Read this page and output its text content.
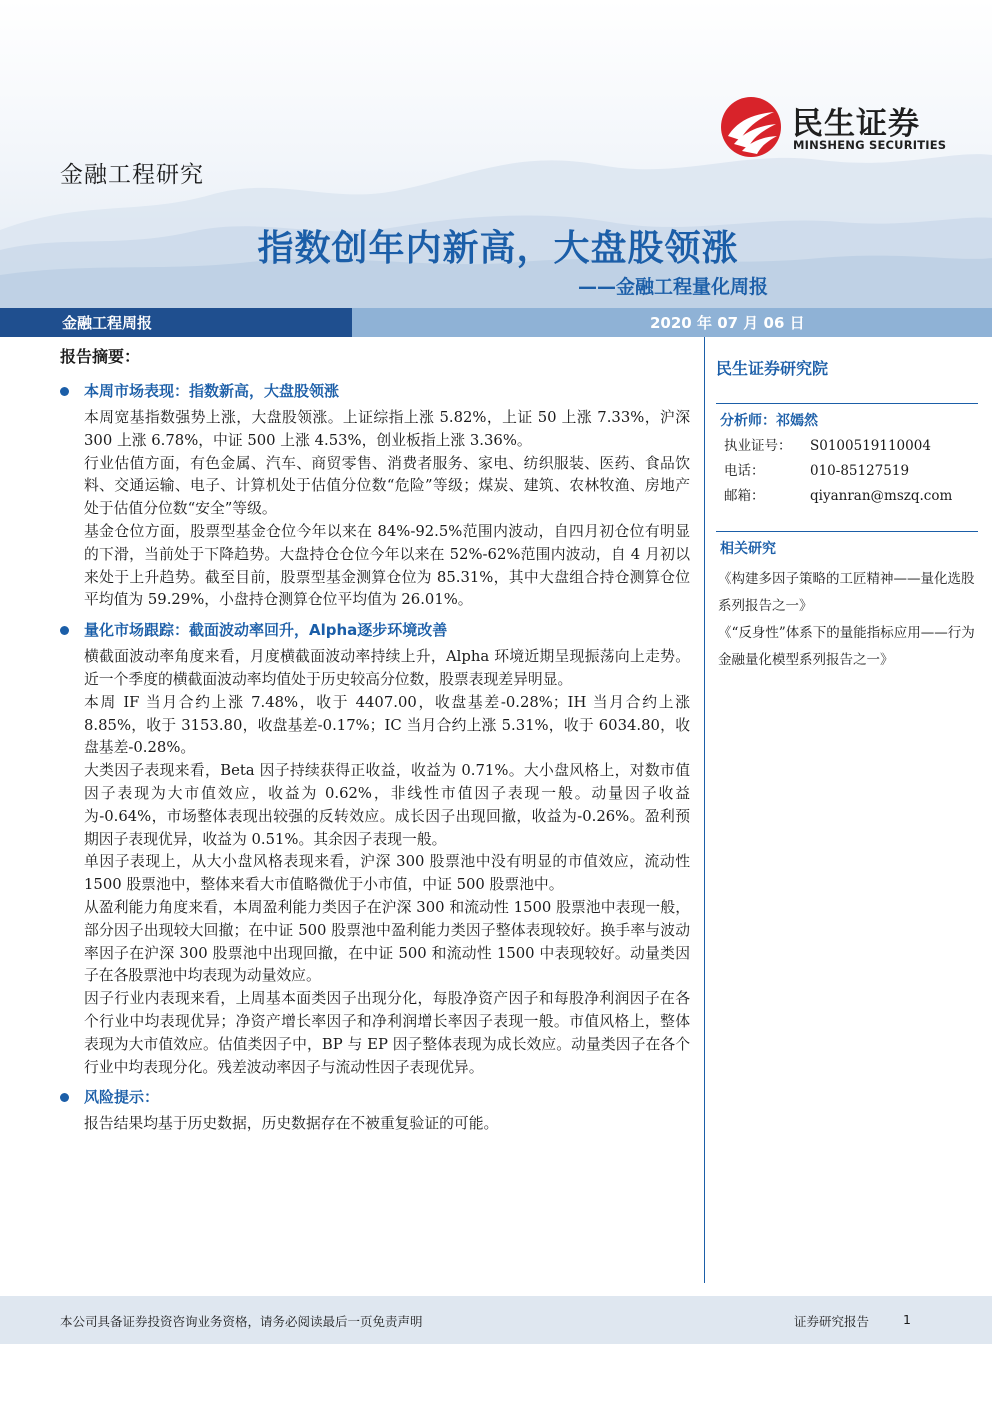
民生证券
MINSHENG SECURITIES
金融工程研究
指数创年内新高，大盘股领涨
——金融工程量化周报
金融工程周报	2020 年 07 月 06 日
报告摘要：
本周市场表现：指数新高，大盘股领涨

本周宽基指数强势上涨，大盘股领涨。上证综指上涨 5.82%，上证 50 上涨 7.33%，沪深 300 上涨 6.78%，中证 500 上涨 4.53%，创业板指上涨 3.36%。

行业估值方面，有色金属、汽车、商贸零售、消费者服务、家电、纺织服装、医药、食品饮料、交通运输、电子、计算机处于估值分位数“危险”等级；煤炭、建筑、农林牧渔、房地产处于估值分位数“安全”等级。

基金仓位方面，股票型基金仓位今年以来在 84%-92.5%范围内波动，自四月初仓位有明显的下滑，当前处于下降趋势。大盘持仓仓位今年以来在 52%-62%范围内波动，自 4 月初以来处于上升趋势。截至目前，股票型基金测算仓位为 85.31%，其中大盘组合持仓测算仓位平均值为 59.29%，小盘持仓测算仓位平均值为 26.01%。

量化市场跟踪：截面波动率回升，Alpha逐步环境改善

横截面波动率角度来看，月度横截面波动率持续上升，Alpha 环境近期呈现振荡向上走势。近一个季度的横截面波动率均值处于历史较高分位数，股票表现差异明显。

本周 IF 当月合约上涨 7.48%，收于 4407.00，收盘基差-0.28%；IH 当月合约上涨 8.85%，收于 3153.80，收盘基差-0.17%；IC 当月合约上涨 5.31%，收于 6034.80，收盘基差-0.28%。

大类因子表现来看，Beta 因子持续获得正收益，收益为 0.71%。大小盘风格上，对数市值因子表现为大市值效应，收益为 0.62%，非线性市值因子表现一般。动量因子收益为-0.64%，市场整体表现出较强的反转效应。成长因子出现回撤，收益为-0.26%。盈利预期因子表现优异，收益为 0.51%。其余因子表现一般。

单因子表现上，从大小盘风格表现来看，沪深 300 股票池中没有明显的市值效应，流动性 1500 股票池中，整体来看大市值略微优于小市值，中证 500 股票池中。

从盈利能力角度来看，本周盈利能力类因子在沪深 300 和流动性 1500 股票池中表现一般，部分因子出现较大回撤；在中证 500 股票池中盈利能力类因子整体表现较好。换手率与波动率因子在沪深 300 股票池中出现回撤，在中证 500 和流动性 1500 中表现较好。动量类因子在各股票池中均表现为动量效应。

因子行业内表现来看，上周基本面类因子出现分化，每股净资产因子和每股净利润因子在各个行业中均表现优异；净资产增长率因子和净利润增长率因子表现一般。市值风格上，整体表现为大市值效应。估值类因子中，BP 与 EP 因子整体表现为成长效应。动量类因子在各个行业中均表现分化。残差波动率因子与流动性因子表现优异。

风险提示：

报告结果均基于历史数据，历史数据存在不被重复验证的可能。

民生证券研究院
分析师：祁嫣然
执业证号：	S0100519110004
电话：	010-85127519
邮箱：	qiyanran@mszq.com
相关研究
《构建多因子策略的工匠精神——量化选股系列报告之一》
《“反身性”体系下的量能指标应用——行为金融量化模型系列报告之一》
本公司具备证券投资咨询业务资格，请务必阅读最后一页免责声明	证券研究报告	1
